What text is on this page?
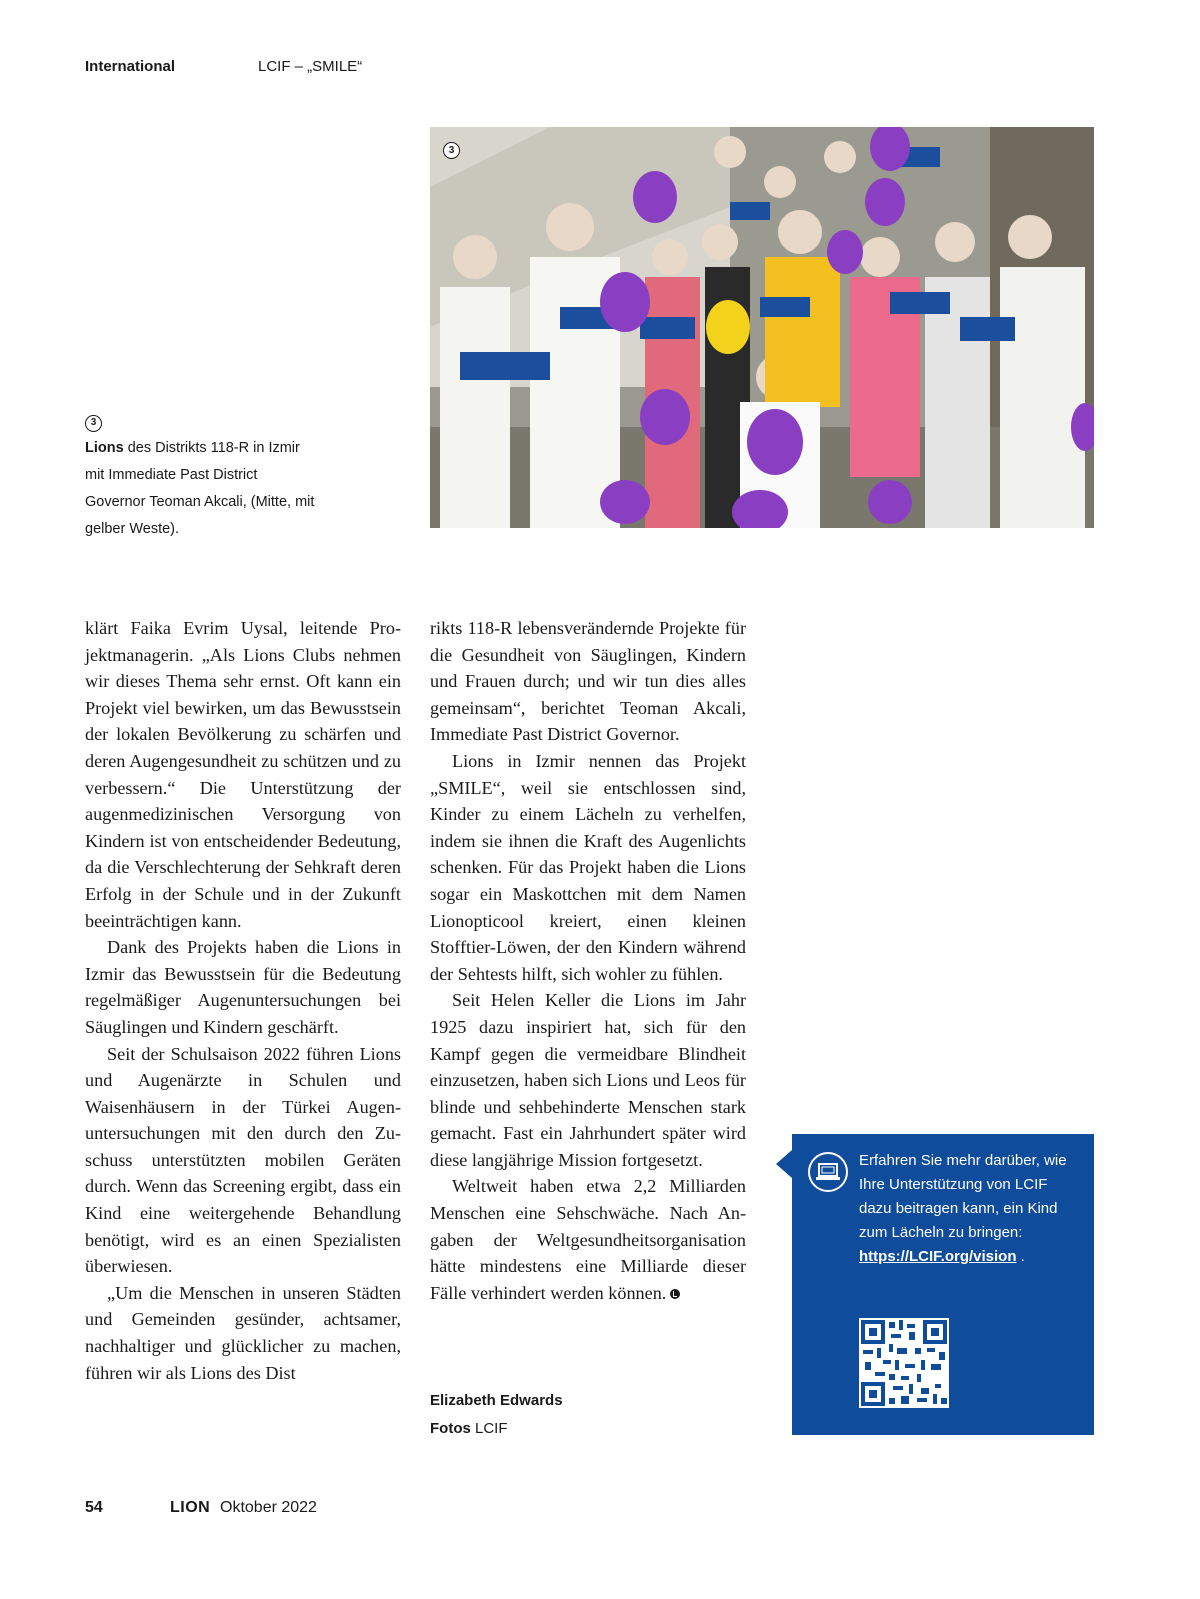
International	LCIF – „SMILE“
3
3
Lions des Distrikts 118-R in Izmir mit Immediate Past District Governor Teoman Akcali, (Mitte, mit gelber Weste).

klärt Faika Evrim Uysal, leitende Projektmanagerin. „Als Lions Clubs nehmen wir dieses Thema sehr ernst. Oft kann ein Projekt viel bewirken, um das Bewusstsein der lokalen Bevölkerung zu schärfen und deren Augengesundheit zu schützen und zu verbessern.“ Die Unterstützung der augenmedizinischen Versorgung von Kindern ist von entscheidender Bedeutung, da die Verschlechterung der Sehkraft deren Erfolg in der Schule und in der Zukunft beeinträchtigen kann.

Dank des Projekts haben die Lions in Izmir das Bewusstsein für die Bedeutung regelmäßiger Augenuntersuchungen bei Säuglingen und Kindern geschärft.

Seit der Schulsaison 2022 führen Lions und Augenärzte in Schulen und Waisenhäusern in der Türkei Augenuntersuchungen mit den durch den Zuschuss unterstützten mobilen Geräten durch. Wenn das Screening ergibt, dass ein Kind eine weitergehende Behandlung benötigt, wird es an einen Spezialisten überwiesen.

„Um die Menschen in unseren Städten und Gemeinden gesünder, achtsamer, nachhaltiger und glücklicher zu machen, führen wir als Lions des Dist

rikts 118-R lebensverändernde Projekte für die Gesundheit von Säuglingen, Kindern und Frauen durch; und wir tun dies alles gemeinsam“, berichtet Teoman Akcali, Immediate Past District Governor.

Lions in Izmir nennen das Projekt „SMILE“, weil sie entschlossen sind, Kinder zu einem Lächeln zu verhelfen, indem sie ihnen die Kraft des Augenlichts schenken. Für das Projekt haben die Lions sogar ein Maskottchen mit dem Namen Lionopticool kreiert, einen kleinen Stofftier-Löwen, der den Kindern während der Sehtests hilft, sich wohler zu fühlen.

Seit Helen Keller die Lions im Jahr 1925 dazu inspiriert hat, sich für den Kampf gegen die vermeidbare Blindheit einzusetzen, haben sich Lions und Leos für blinde und sehbehinderte Menschen stark gemacht. Fast ein Jahrhundert später wird diese langjährige Mission fortgesetzt.

Weltweit haben etwa 2,2 Milliarden Menschen eine Sehschwäche. Nach Angaben der Weltgesundheitsorganisation hätte mindestens eine Milliarde dieser Fälle verhindert werden können.

Elizabeth Edwards
Fotos LCIF
Erfahren Sie mehr darüber, wie Ihre Unterstützung von LCIF dazu beitragen kann, ein Kind zum Lächeln zu bringen: https://LCIF.org/vision .
54	LION Oktober 2022
